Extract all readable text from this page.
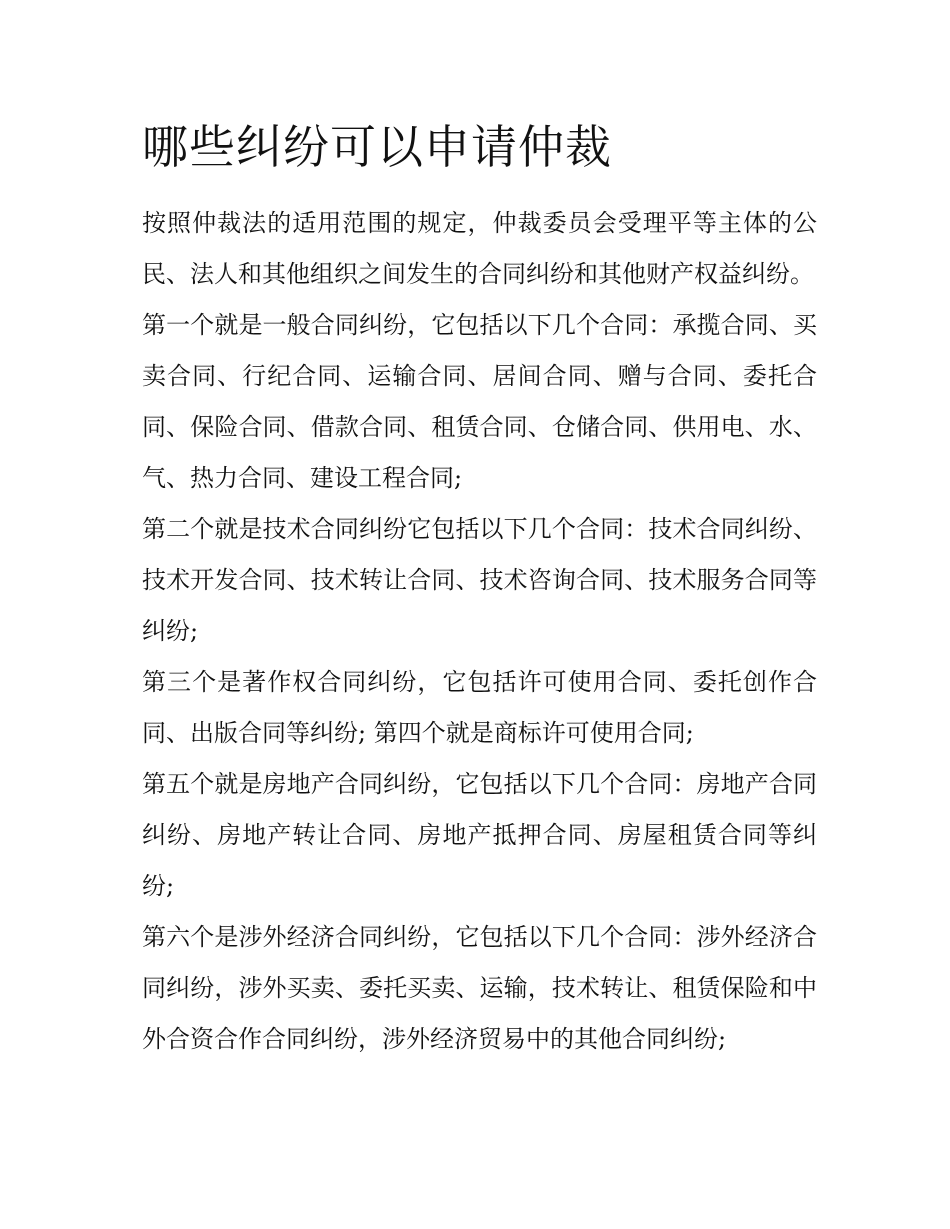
哪些纠纷可以申请仲裁

按照仲裁法的适用范围的规定，仲裁委员会受理平等主体的公民、法人和其他组织之间发生的合同纠纷和其他财产权益纠纷。

第一个就是一般合同纠纷，它包括以下几个合同：承揽合同、买卖合同、行纪合同、运输合同、居间合同、赠与合同、委托合同、保险合同、借款合同、租赁合同、仓储合同、供用电、水、气、热力合同、建设工程合同;

第二个就是技术合同纠纷它包括以下几个合同：技术合同纠纷、技术开发合同、技术转让合同、技术咨询合同、技术服务合同等纠纷;

第三个是著作权合同纠纷，它包括许可使用合同、委托创作合同、出版合同等纠纷; 第四个就是商标许可使用合同;

第五个就是房地产合同纠纷，它包括以下几个合同：房地产合同纠纷、房地产转让合同、房地产抵押合同、房屋租赁合同等纠纷;

第六个是涉外经济合同纠纷，它包括以下几个合同：涉外经济合同纠纷，涉外买卖、委托买卖、运输，技术转让、租赁保险和中外合资合作合同纠纷，涉外经济贸易中的其他合同纠纷;
